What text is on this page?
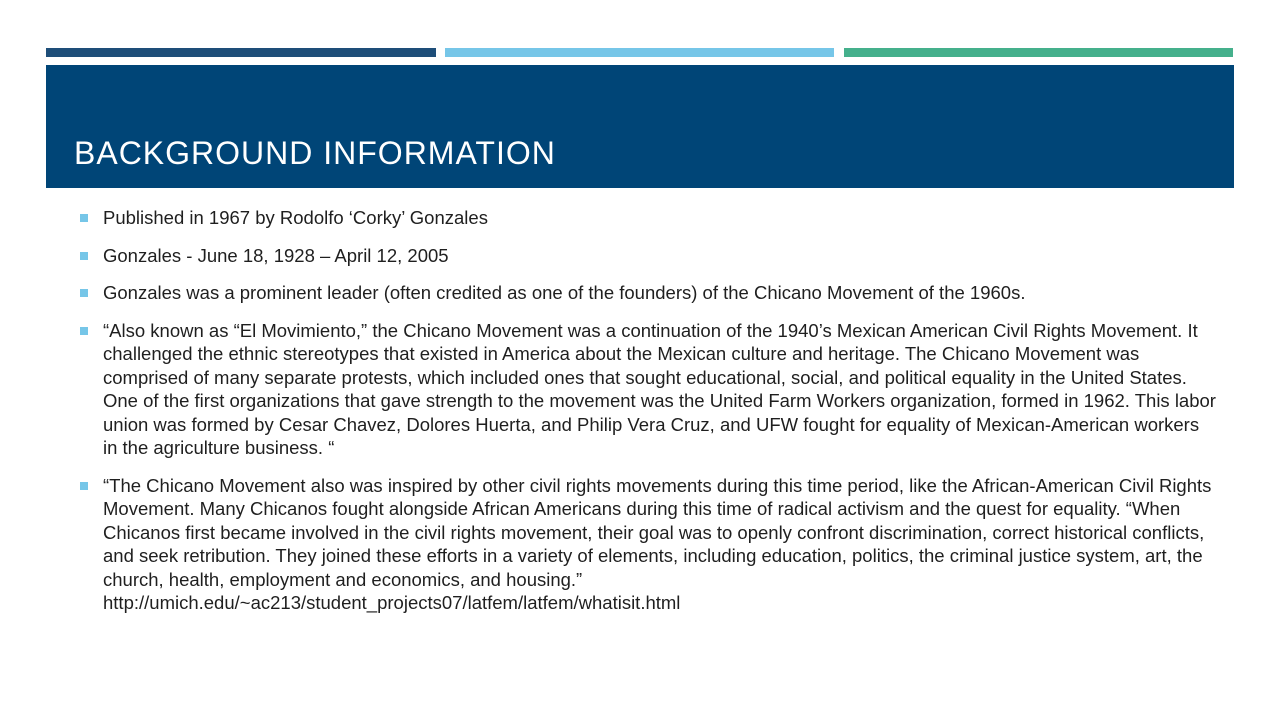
BACKGROUND INFORMATION
Published in 1967 by Rodolfo ‘Corky’ Gonzales
Gonzales - June 18, 1928 – April 12, 2005
Gonzales was a prominent leader (often credited as one of the founders) of the Chicano Movement of the 1960s.
“Also known as “El Movimiento,” the Chicano Movement was a continuation of the 1940’s Mexican American Civil Rights Movement. It challenged the ethnic stereotypes that existed in America about the Mexican culture and heritage. The Chicano Movement was comprised of many separate protests, which included ones that sought educational, social, and political equality in the United States. One of the first organizations that gave strength to the movement was the United Farm Workers organization, formed in 1962. This labor union was formed by Cesar Chavez, Dolores Huerta, and Philip Vera Cruz, and UFW fought for equality of Mexican-American workers in the agriculture business. “
“The Chicano Movement also was inspired by other civil rights movements during this time period, like the African-American Civil Rights Movement. Many Chicanos fought alongside African Americans during this time of radical activism and the quest for equality. “When Chicanos first became involved in the civil rights movement, their goal was to openly confront discrimination, correct historical conflicts, and seek retribution. They joined these efforts in a variety of elements, including education, politics, the criminal justice system, art, the church, health, employment and economics, and housing.”
http://umich.edu/~ac213/student_projects07/latfem/latfem/whatisit.html
